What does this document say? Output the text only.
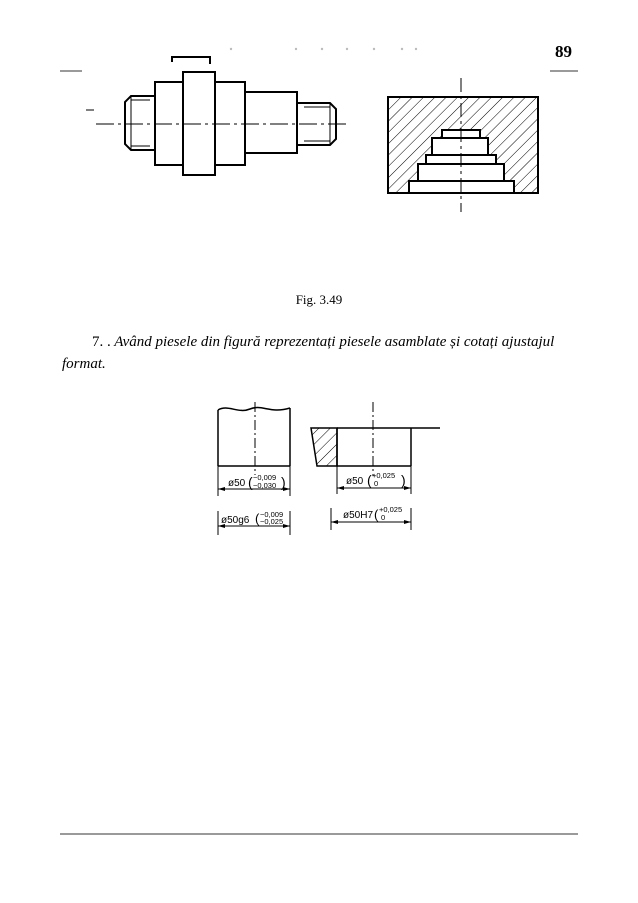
89
ø50 ( −0,009
−0,030 )
ø50g6 ( −0,009
−0,025
ø50 ( +0,025
0 )
ø50H7 ( +0,025
0
Fig. 3.49
7. . Având piesele din figură reprezentați piesele asamblate și cotați ajustajul format.
